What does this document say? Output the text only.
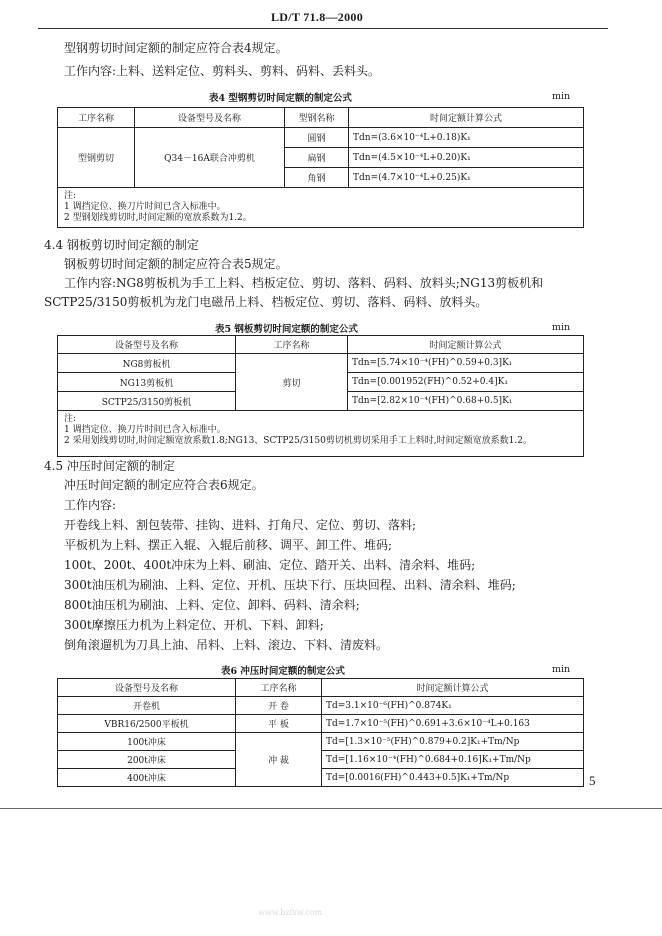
LD/T 71.8—2000
型钢剪切时间定额的制定应符合表4规定。
工作内容:上料、送料定位、剪料头、剪料、码料、丢料头。
表4 型钢剪切时间定额的制定公式	min
工序名称	设备型号及名称	型钢名称	时间定额计算公式
型钢剪切	Q34－16A联合冲剪机	圆钢	Tdn=(3.6×10⁻⁴L+0.18)K₁
		扁钢	Tdn=(4.5×10⁻⁴L+0.20)K₁
		角钢	Tdn=(4.7×10⁻⁴L+0.25)K₁

注:
1 调挡定位、换刀片时间已含入标准中。
2 型钢划线剪切时,时间定额的宽放系数为1.2。			
4.4 钢板剪切时间定额的制定
钢板剪切时间定额的制定应符合表5规定。
工作内容:NG8剪板机为手工上料、档板定位、剪切、落料、码料、放料头;NG13剪板机和
SCTP25/3150剪板机为龙门电磁吊上料、档板定位、剪切、落料、码料、放料头。
表5 钢板剪切时间定额的制定公式	min
设备型号及名称	工序名称	时间定额计算公式
NG8剪板机	剪切	Tdn=[5.74×10⁻⁴(FH)^0.59+0.3]K₁
NG13剪板机		Tdn=[0.001952(FH)^0.52+0.4]K₁
SCTP25/3150剪板机		Tdn=[2.82×10⁻⁴(FH)^0.68+0.5]K₁

注:
1 调挡定位、换刀片时间已含入标准中。
2 采用划线剪切时,时间定额宽放系数1.8;NG13、SCTP25/3150剪切机剪切采用手工上料时,时间定额宽放系数1.2。		
4.5 冲压时间定额的制定
冲压时间定额的制定应符合表6规定。
工作内容:
开卷线上料、割包装带、挂钩、进料、打角尺、定位、剪切、落料;
平板机为上料、摆正入辊、入辊后前移、调平、卸工件、堆码;
100t、200t、400t冲床为上料、刷油、定位、踏开关、出料、清余料、堆码;
300t油压机为刷油、上料、定位、开机、压块下行、压块回程、出料、清余料、堆码;
800t油压机为刷油、上料、定位、卸料、码料、清余料;
300t摩擦压力机为上料定位、开机、下料、卸料;
倒角滚遛机为刀具上油、吊料、上料、滚边、下料、清废料。
表6 冲压时间定额的制定公式	min
设备型号及名称	工序名称	时间定额计算公式
开卷机	开 卷	Td=3.1×10⁻⁶(FH)^0.874K₁
VBR16/2500平板机	平 板	Td=1.7×10⁻⁵(FH)^0.691+3.6×10⁻⁴L+0.163
100t冲床	冲 裁	Td=[1.3×10⁻⁵(FH)^0.879+0.2]K₁+Tm/Np
200t冲床		Td=[1.16×10⁻⁴(FH)^0.684+0.16]K₁+Tm/Np
400t冲床		Td=[0.0016(FH)^0.443+0.5]K₁+Tm/Np	5
www.bzfxw.com
